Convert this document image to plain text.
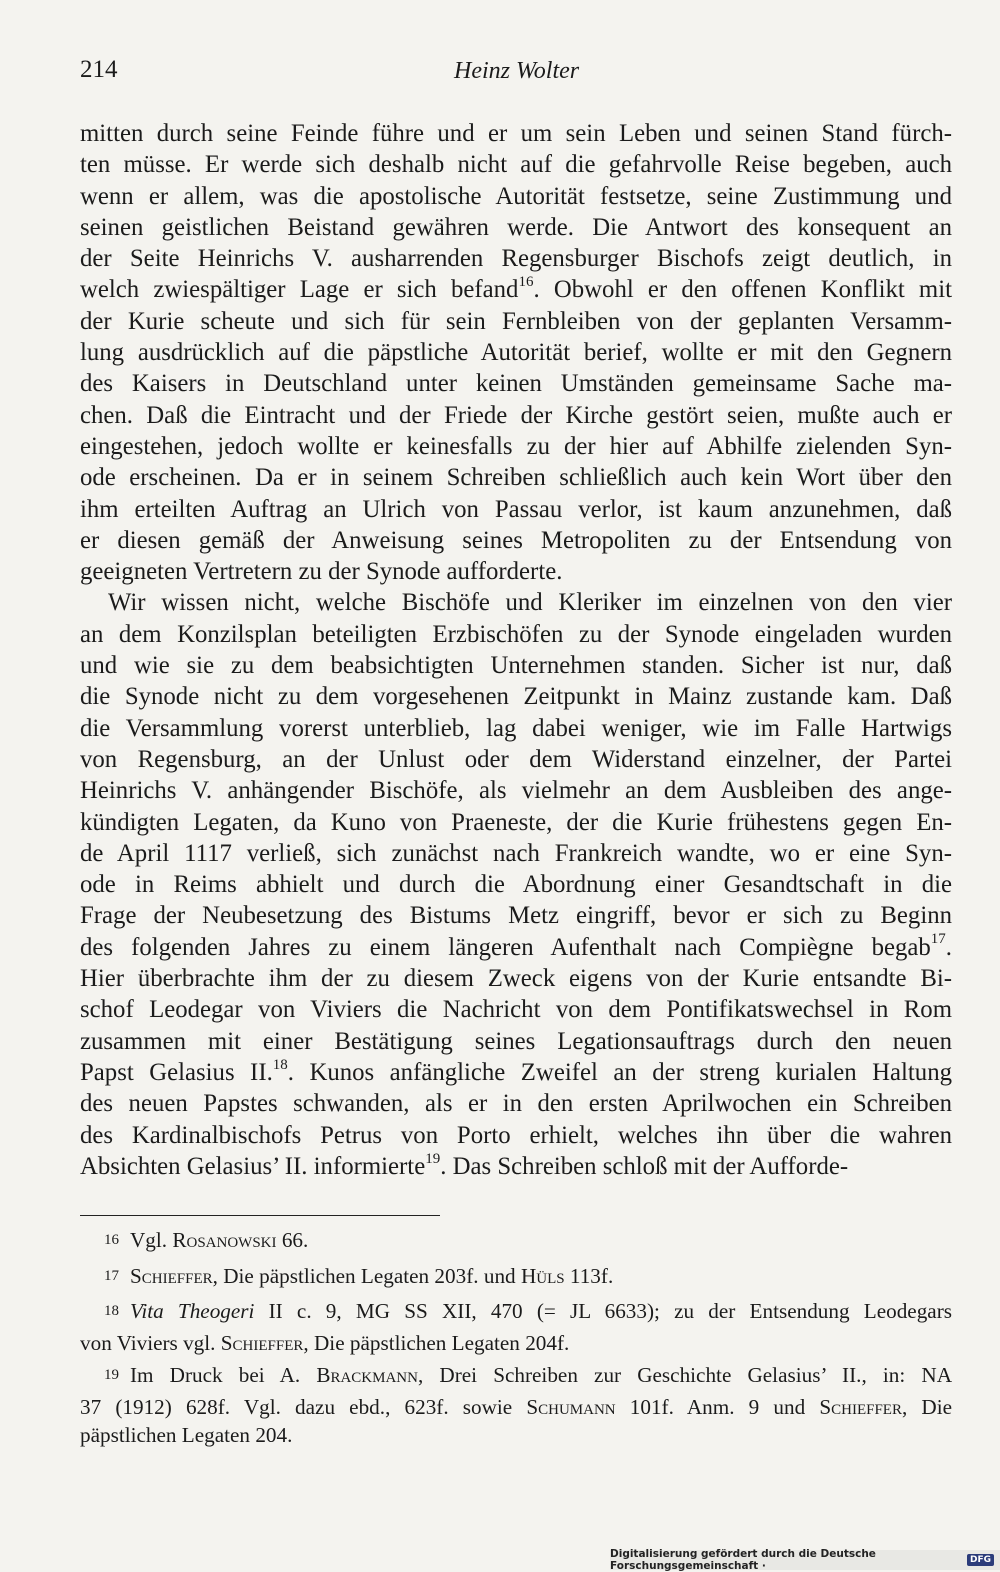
214	Heinz Wolter

mitten durch seine Feinde führe und er um sein Leben und seinen Stand fürch-
ten müsse. Er werde sich deshalb nicht auf die gefahrvolle Reise begeben, auch
wenn er allem, was die apostolische Autorität festsetze, seine Zustimmung und
seinen geistlichen Beistand gewähren werde. Die Antwort des konsequent an
der Seite Heinrichs V. ausharrenden Regensburger Bischofs zeigt deutlich, in
welch zwiespältiger Lage er sich befand$^{16}$. Obwohl er den offenen Konflikt mit
der Kurie scheute und sich für sein Fernbleiben von der geplanten Versamm-
lung ausdrücklich auf die päpstliche Autorität berief, wollte er mit den Gegnern
des Kaisers in Deutschland unter keinen Umständen gemeinsame Sache ma-
chen. Daß die Eintracht und der Friede der Kirche gestört seien, mußte auch er
eingestehen, jedoch wollte er keinesfalls zu der hier auf Abhilfe zielenden Syn-
ode erscheinen. Da er in seinem Schreiben schließlich auch kein Wort über den
ihm erteilten Auftrag an Ulrich von Passau verlor, ist kaum anzunehmen, daß
er diesen gemäß der Anweisung seines Metropoliten zu der Entsendung von
geeigneten Vertretern zu der Synode aufforderte.

Wir wissen nicht, welche Bischöfe und Kleriker im einzelnen von den vier
an dem Konzilsplan beteiligten Erzbischöfen zu der Synode eingeladen wurden
und wie sie zu dem beabsichtigten Unternehmen standen. Sicher ist nur, daß
die Synode nicht zu dem vorgesehenen Zeitpunkt in Mainz zustande kam. Daß
die Versammlung vorerst unterblieb, lag dabei weniger, wie im Falle Hartwigs
von Regensburg, an der Unlust oder dem Widerstand einzelner, der Partei
Heinrichs V. anhängender Bischöfe, als vielmehr an dem Ausbleiben des ange-
kündigten Legaten, da Kuno von Praeneste, der die Kurie frühestens gegen En-
de April 1117 verließ, sich zunächst nach Frankreich wandte, wo er eine Syn-
ode in Reims abhielt und durch die Abordnung einer Gesandtschaft in die
Frage der Neubesetzung des Bistums Metz eingriff, bevor er sich zu Beginn
des folgenden Jahres zu einem längeren Aufenthalt nach Compiègne begab$^{17}$.
Hier überbrachte ihm der zu diesem Zweck eigens von der Kurie entsandte Bi-
schof Leodegar von Viviers die Nachricht von dem Pontifikatswechsel in Rom
zusammen mit einer Bestätigung seines Legationsauftrags durch den neuen
Papst Gelasius II.$^{18}$. Kunos anfängliche Zweifel an der streng kurialen Haltung
des neuen Papstes schwanden, als er in den ersten Aprilwochen ein Schreiben
des Kardinalbischofs Petrus von Porto erhielt, welches ihn über die wahren
Absichten Gelasius’ II. informierte$^{19}$. Das Schreiben schloß mit der Aufforde-

16 Vgl. Rosanowski 66.
17 Schieffer, Die päpstlichen Legaten 203f. und Hüls 113f.
18 Vita Theogeri II c. 9, MG SS XII, 470 (= JL 6633); zu der Entsendung Leodegars
von Viviers vgl. Schieffer, Die päpstlichen Legaten 204f.
19 Im Druck bei A. Brackmann, Drei Schreiben zur Geschichte Gelasius’ II., in: NA
37 (1912) 628f. Vgl. dazu ebd., 623f. sowie Schumann 101f. Anm. 9 und Schieffer, Die
päpstlichen Legaten 204.
Digitalisierung gefördert durch die Deutsche Forschungsgemeinschaft ·	DFG
